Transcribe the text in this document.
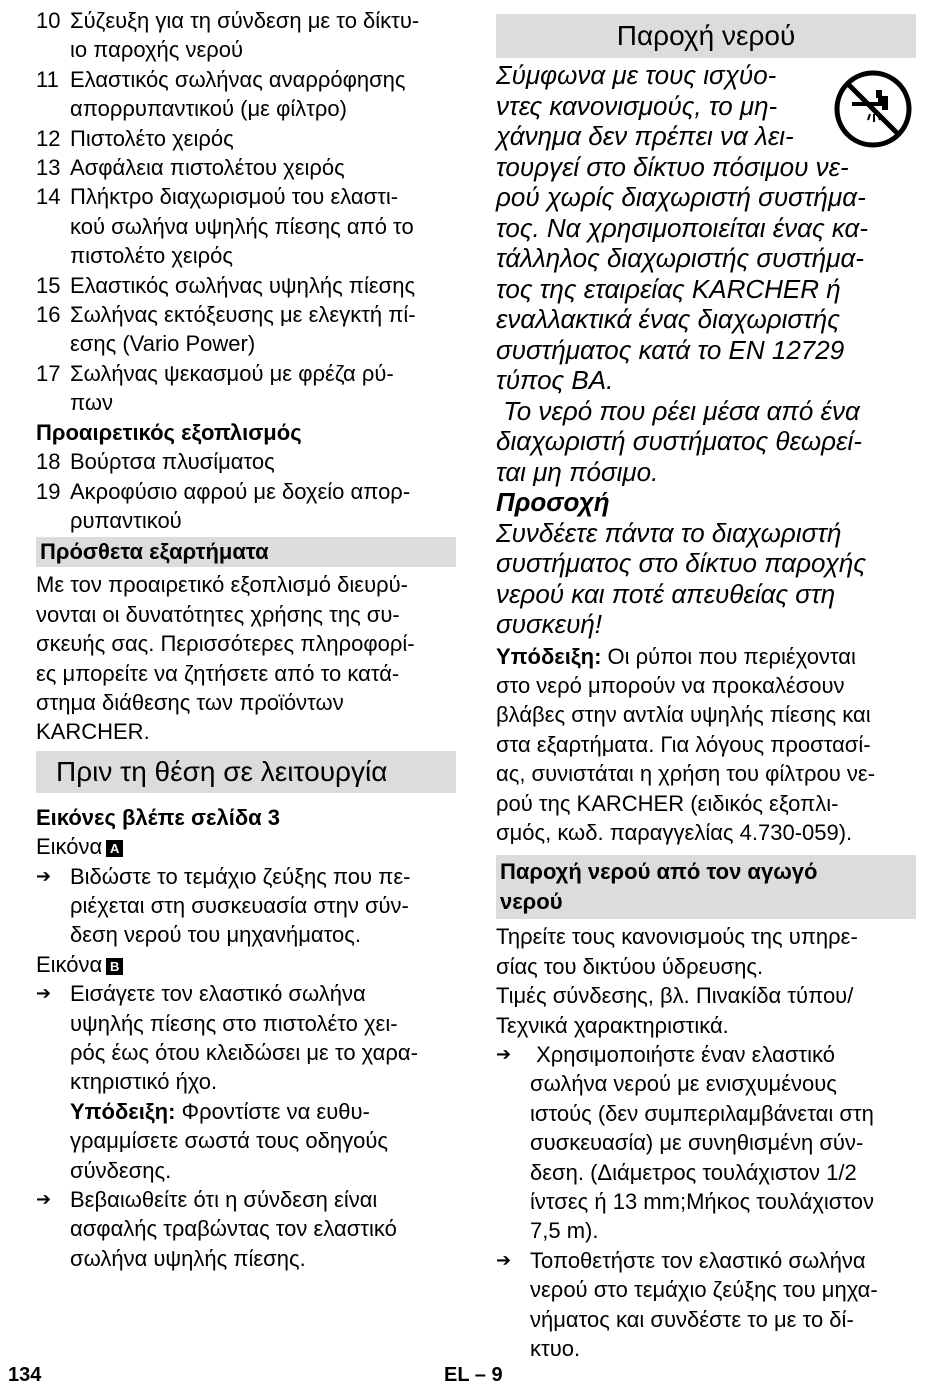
10 Σύζευξη για τη σύνδεση με το δίκτυ-
ιο παροχής νερού
11 Ελαστικός σωλήνας αναρρόφησης
απορρυπαντικού (με φίλτρο)
12 Πιστολέτο χειρός
13 Ασφάλεια πιστολέτου χειρός
14 Πλήκτρο διαχωρισμού του ελαστι-
κού σωλήνα υψηλής πίεσης από το
πιστολέτο χειρός
15 Ελαστικός σωλήνας υψηλής πίεσης
16 Σωλήνας εκτόξευσης με ελεγκτή πί-
εσης (Vario Power)
17 Σωλήνας ψεκασμού με φρέζα ρύ-
πων
Προαιρετικός εξοπλισμός
18 Βούρτσα πλυσίματος
19 Ακροφύσιο αφρού με δοχείο απορ-
ρυπαντικού
Πρόσθετα εξαρτήματα
Με τον προαιρετικό εξοπλισμό διευρύ-
νονται οι δυνατότητες χρήσης της συ-
σκευής σας. Περισσότερες πληροφορί-
ες μπορείτε να ζητήσετε από το κατά-
στημα διάθεσης των προϊόντων
KARCHER.
Πριν τη θέση σε λειτουργία
Εικόνες βλέπε σελίδα 3
Εικόνα A
➔ Βιδώστε το τεμάχιο ζεύξης που πε-
ριέχεται στη συσκευασία στην σύν-
δεση νερού του μηχανήματος.
Εικόνα B
➔ Εισάγετε τον ελαστικό σωλήνα
υψηλής πίεσης στο πιστολέτο χει-
ρός έως ότου κλειδώσει με το χαρα-
κτηριστικό ήχο.
Υπόδειξη: Φροντίστε να ευθυ-
γραμμίσετε σωστά τους οδηγούς
σύνδεσης.
➔ Βεβαιωθείτε ότι η σύνδεση είναι
ασφαλής τραβώντας τον ελαστικό
σωλήνα υψηλής πίεσης.
Παροχή νερού
Σύμφωνα με τους ισχύο-
ντες κανονισμούς, το μη-
χάνημα δεν πρέπει να λει-
τουργεί στο δίκτυο πόσιμου νε-
ρού χωρίς διαχωριστή συστήμα-
τος. Να χρησιμοποιείται ένας κα-
τάλληλος διαχωριστής συστήμα-
τος της εταιρείας KARCHER ή
εναλλακτικά ένας διαχωριστής
συστήματος κατά το EN 12729
τύπος BA.
Το νερό που ρέει μέσα από ένα
διαχωριστή συστήματος θεωρεί-
ται μη πόσιμο.
Προσοχή
Συνδέετε πάντα το διαχωριστή
συστήματος στο δίκτυο παροχής
νερού και ποτέ απευθείας στη
συσκευή!
Υπόδειξη: Οι ρύποι που περιέχονται
στο νερό μπορούν να προκαλέσουν
βλάβες στην αντλία υψηλής πίεσης και
στα εξαρτήματα. Για λόγους προστασί-
ας, συνιστάται η χρήση του φίλτρου νε-
ρού της KARCHER (ειδικός εξοπλι-
σμός, κωδ. παραγγελίας 4.730-059).
Παροχή νερού από τον αγωγό
νερού
Τηρείτε τους κανονισμούς της υπηρε-
σίας του δικτύου ύδρευσης.
Τιμές σύνδεσης, βλ. Πινακίδα τύπου/
Τεχνικά χαρακτηριστικά.
➔ Χρησιμοποιήστε έναν ελαστικό
σωλήνα νερού με ενισχυμένους
ιστούς (δεν συμπεριλαμβάνεται στη
συσκευασία) με συνηθισμένη σύν-
δεση. (Διάμετρος τουλάχιστον 1/2
ίντσες ή 13 mm;Μήκος τουλάχιστον
7,5 m).
➔ Τοποθετήστε τον ελαστικό σωλήνα
νερού στο τεμάχιο ζεύξης του μηχα-
νήματος και συνδέστε το με το δί-
κτυο.
134	EL – 9
